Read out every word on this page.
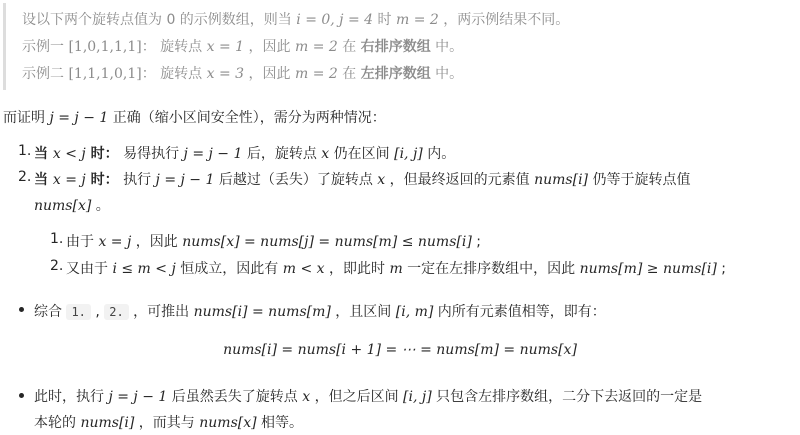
设以下两个旋转点值为 0 的示例数组，则当 i = 0, j = 4 时 m = 2 ，两示例结果不同。
示例一 [1,0,1,1,1]： 旋转点 x = 1 ，因此 m = 2 在 右排序数组 中。
示例二 [1,1,1,0,1]： 旋转点 x = 3 ，因此 m = 2 在 左排序数组 中。
而证明 j = j − 1 正确（缩小区间安全性），需分为两种情况：
1. 当 x < j 时： 易得执行 j = j − 1 后，旋转点 x 仍在区间 [i, j] 内。
2. 当 x = j 时： 执行 j = j − 1 后越过（丢失）了旋转点 x ，但最终返回的元素值 nums[i] 仍等于旋转点值
nums[x] 。
1. 由于 x = j ，因此 nums[x] = nums[j] = nums[m] ≤ nums[i] ;
2. 又由于 i ≤ m < j 恒成立，因此有 m < x ，即此时 m 一定在左排序数组中，因此 nums[m] ≥ nums[i] ;
综合 1. , 2. ，可推出 nums[i] = nums[m] ，且区间 [i, m] 内所有元素值相等，即有：
nums[i] = nums[i + 1] = ⋯ = nums[m] = nums[x]
此时，执行 j = j − 1 后虽然丢失了旋转点 x ，但之后区间 [i, j] 只包含左排序数组，二分下去返回的一定是
本轮的 nums[i] ，而其与 nums[x] 相等。
